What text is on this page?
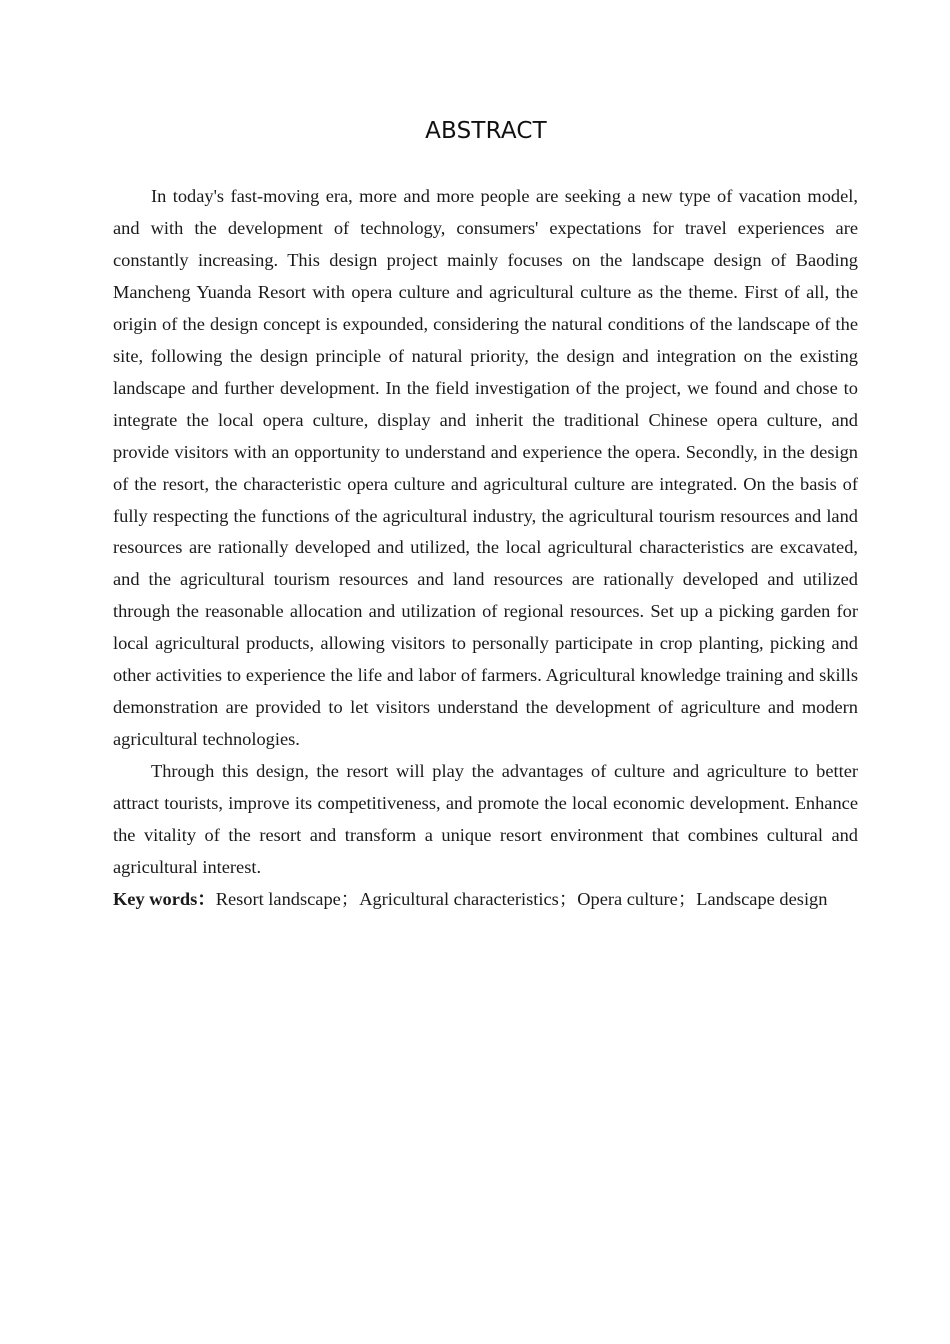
ABSTRACT

In today's fast-moving era, more and more people are seeking a new type of vacation model, and with the development of technology, consumers' expectations for travel experiences are constantly increasing. This design project mainly focuses on the landscape design of Baoding Mancheng Yuanda Resort with opera culture and agricultural culture as the theme. First of all, the origin of the design concept is expounded, considering the natural conditions of the landscape of the site, following the design principle of natural priority, the design and integration on the existing landscape and further development. In the field investigation of the project, we found and chose to integrate the local opera culture, display and inherit the traditional Chinese opera culture, and provide visitors with an opportunity to understand and experience the opera. Secondly, in the design of the resort, the characteristic opera culture and agricultural culture are integrated. On the basis of fully respecting the functions of the agricultural industry, the agricultural tourism resources and land resources are rationally developed and utilized, the local agricultural characteristics are excavated, and the agricultural tourism resources and land resources are rationally developed and utilized through the reasonable allocation and utilization of regional resources. Set up a picking garden for local agricultural products, allowing visitors to personally participate in crop planting, picking and other activities to experience the life and labor of farmers. Agricultural knowledge training and skills demonstration are provided to let visitors understand the development of agriculture and modern agricultural technologies.

Through this design, the resort will play the advantages of culture and agriculture to better attract tourists, improve its competitiveness, and promote the local economic development. Enhance the vitality of the resort and transform a unique resort environment that combines cultural and agricultural interest.

Key words：Resort landscape；Agricultural characteristics；Opera culture；Landscape design
